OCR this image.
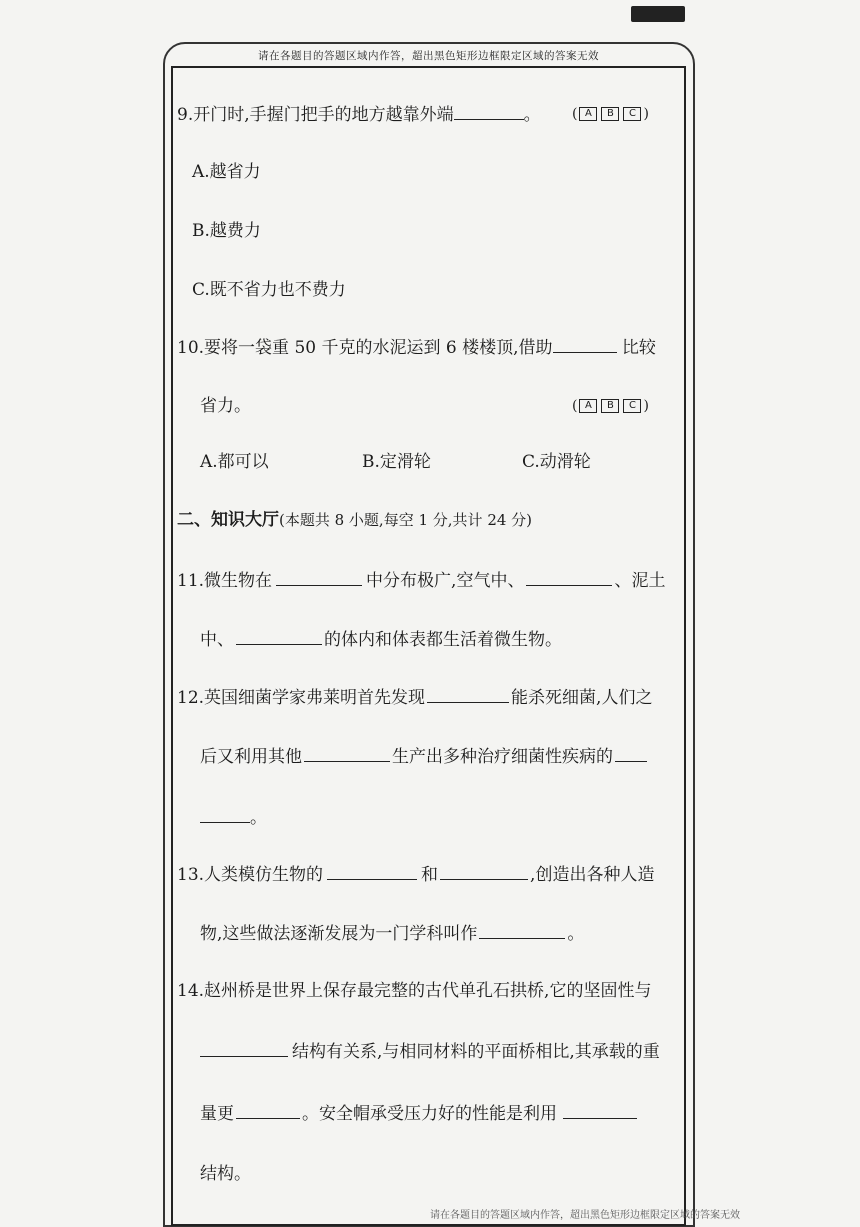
请在各题目的答题区域内作答，超出黑色矩形边框限定区域的答案无效
9.开门时,手握门把手的地方越靠外端	。 ( A B C )
A.越省力
B.越费力
C.既不省力也不费力
10.要将一袋重 50 千克的水泥运到 6 楼楼顶,借助	比较
省力。	( A B C )
A.都可以	B.定滑轮	C.动滑轮
二、知识大厅(本题共 8 小题,每空 1 分,共计 24 分)
11.微生物在	中分布极广,空气中、	、泥土
中、	的体内和体表都生活着微生物。
12.英国细菌学家弗莱明首先发现	能杀死细菌,人们之
后又利用其他	生产出多种治疗细菌性疾病的
。
13.人类模仿生物的	和	,创造出各种人造
物,这些做法逐渐发展为一门学科叫作	。
14.赵州桥是世界上保存最完整的古代单孔石拱桥,它的坚固性与
结构有关系,与相同材料的平面桥相比,其承载的重
量更	。安全帽承受压力好的性能是利用
结构。
请在各题目的答题区域内作答，超出黑色矩形边框限定区域的答案无效
